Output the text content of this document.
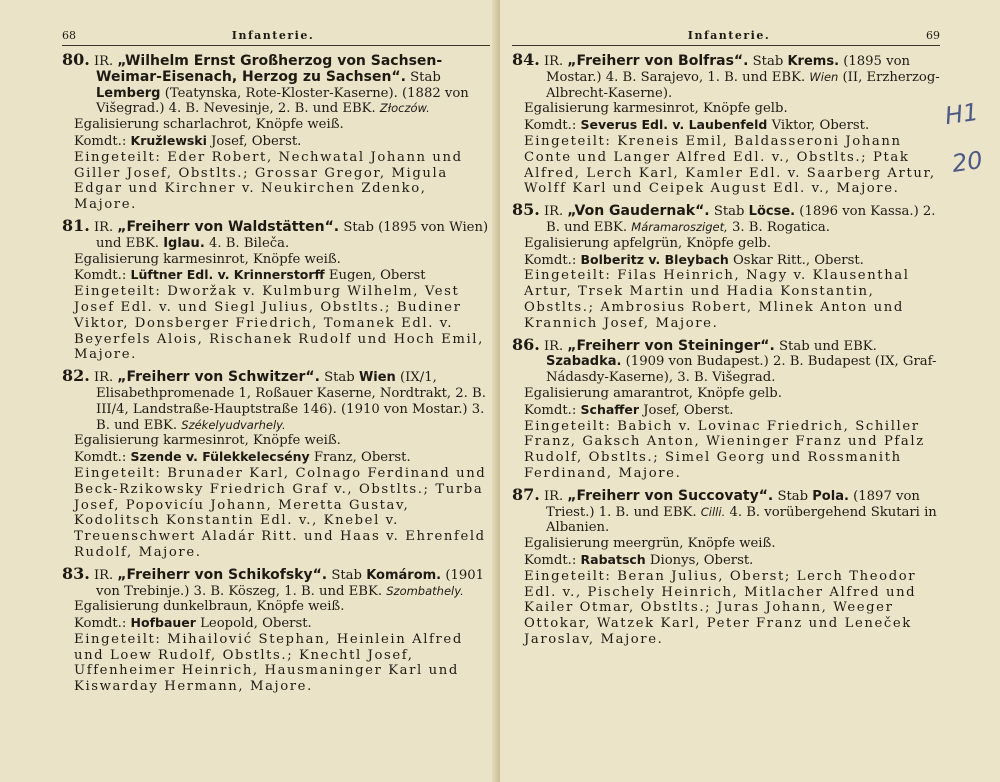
68	Infanterie.
80. IR. „Wilhelm Ernst Großherzog von Sachsen-Weimar-Eisenach, Herzog zu Sachsen“. Stab Lemberg (Teatynska, Rote-Kloster-Kaserne). (1882 von Višegrad.) 4. B. Nevesinje, 2. B. und EBK. Złoczów.
Egalisierung scharlachrot, Knöpfe weiß.
Komdt.: Kružlewski Josef, Oberst.
Eingeteilt: Eder Robert, Nechwatal Johann und Giller Josef, Obstlts.; Grossar Gregor, Migula Edgar und Kirchner v. Neukirchen Zdenko, Majore.
81. IR. „Freiherr von Waldstätten“. Stab (1895 von Wien) und EBK. Iglau. 4. B. Bileča.
Egalisierung karmesinrot, Knöpfe weiß.
Komdt.: Lüftner Edl. v. Krinnerstorff Eugen, Oberst
Eingeteilt: Dworžak v. Kulmburg Wilhelm, Vest Josef Edl. v. und Siegl Julius, Obstlts.; Budiner Viktor, Donsberger Friedrich, Tomanek Edl. v. Beyerfels Alois, Rischanek Rudolf und Hoch Emil, Majore.
82. IR. „Freiherr von Schwitzer“. Stab Wien (IX/1, Elisabethpromenade 1, Roßauer Kaserne, Nordtrakt, 2. B. III/4, Landstraße-Hauptstraße 146). (1910 von Mostar.) 3. B. und EBK. Székelyudvarhely.
Egalisierung karmesinrot, Knöpfe weiß.
Komdt.: Szende v. Fülekkelecsény Franz, Oberst.
Eingeteilt: Brunader Karl, Colnago Ferdinand und Beck-Rzikowsky Friedrich Graf v., Obstlts.; Turba Josef, Popovicíu Johann, Meretta Gustav, Kodolitsch Konstantin Edl. v., Knebel v. Treuenschwert Aladár Ritt. und Haas v. Ehrenfeld Rudolf, Majore.
83. IR. „Freiherr von Schikofsky“. Stab Komárom. (1901 von Trebinje.) 3. B. Köszeg, 1. B. und EBK. Szombathely.
Egalisierung dunkelbraun, Knöpfe weiß.
Komdt.: Hofbauer Leopold, Oberst.
Eingeteilt: Mihailović Stephan, Heinlein Alfred und Loew Rudolf, Obstlts.; Knechtl Josef, Uffenheimer Heinrich, Hausmaninger Karl und Kiswarday Hermann, Majore.
Infanterie.	69
84. IR. „Freiherr von Bolfras“. Stab Krems. (1895 von Mostar.) 4. B. Sarajevo, 1. B. und EBK. Wien (II, Erzherzog-Albrecht-Kaserne).
Egalisierung karmesinrot, Knöpfe gelb.
Komdt.: Severus Edl. v. Laubenfeld Viktor, Oberst.
Eingeteilt: Kreneis Emil, Baldasseroni Johann Conte und Langer Alfred Edl. v., Obstlts.; Ptak Alfred, Lerch Karl, Kamler Edl. v. Saarberg Artur, Wolff Karl und Ceipek August Edl. v., Majore.
85. IR. „Von Gaudernak“. Stab Löcse. (1896 von Kassa.) 2. B. und EBK. Máramarosziget, 3. B. Rogatica.
Egalisierung apfelgrün, Knöpfe gelb.
Komdt.: Bolberitz v. Bleybach Oskar Ritt., Oberst.
Eingeteilt: Filas Heinrich, Nagy v. Klausenthal Artur, Trsek Martin und Hadia Konstantin, Obstlts.; Ambrosius Robert, Mlinek Anton und Krannich Josef, Majore.
86. IR. „Freiherr von Steininger“. Stab und EBK. Szabadka. (1909 von Budapest.) 2. B. Budapest (IX, Graf-Nádasdy-Kaserne), 3. B. Višegrad.
Egalisierung amarantrot, Knöpfe gelb.
Komdt.: Schaffer Josef, Oberst.
Eingeteilt: Babich v. Lovinac Friedrich, Schiller Franz, Gaksch Anton, Wieninger Franz und Pfalz Rudolf, Obstlts.; Simel Georg und Rossmanith Ferdinand, Majore.
87. IR. „Freiherr von Succovaty“. Stab Pola. (1897 von Triest.) 1. B. und EBK. Cilli. 4. B. vorübergehend Skutari in Albanien.
Egalisierung meergrün, Knöpfe weiß.
Komdt.: Rabatsch Dionys, Oberst.
Eingeteilt: Beran Julius, Oberst; Lerch Theodor Edl. v., Pischely Heinrich, Mitlacher Alfred und Kailer Otmar, Obstlts.; Juras Johann, Weeger Ottokar, Watzek Karl, Peter Franz und Leneček Jaroslav, Majore.
H1
20
